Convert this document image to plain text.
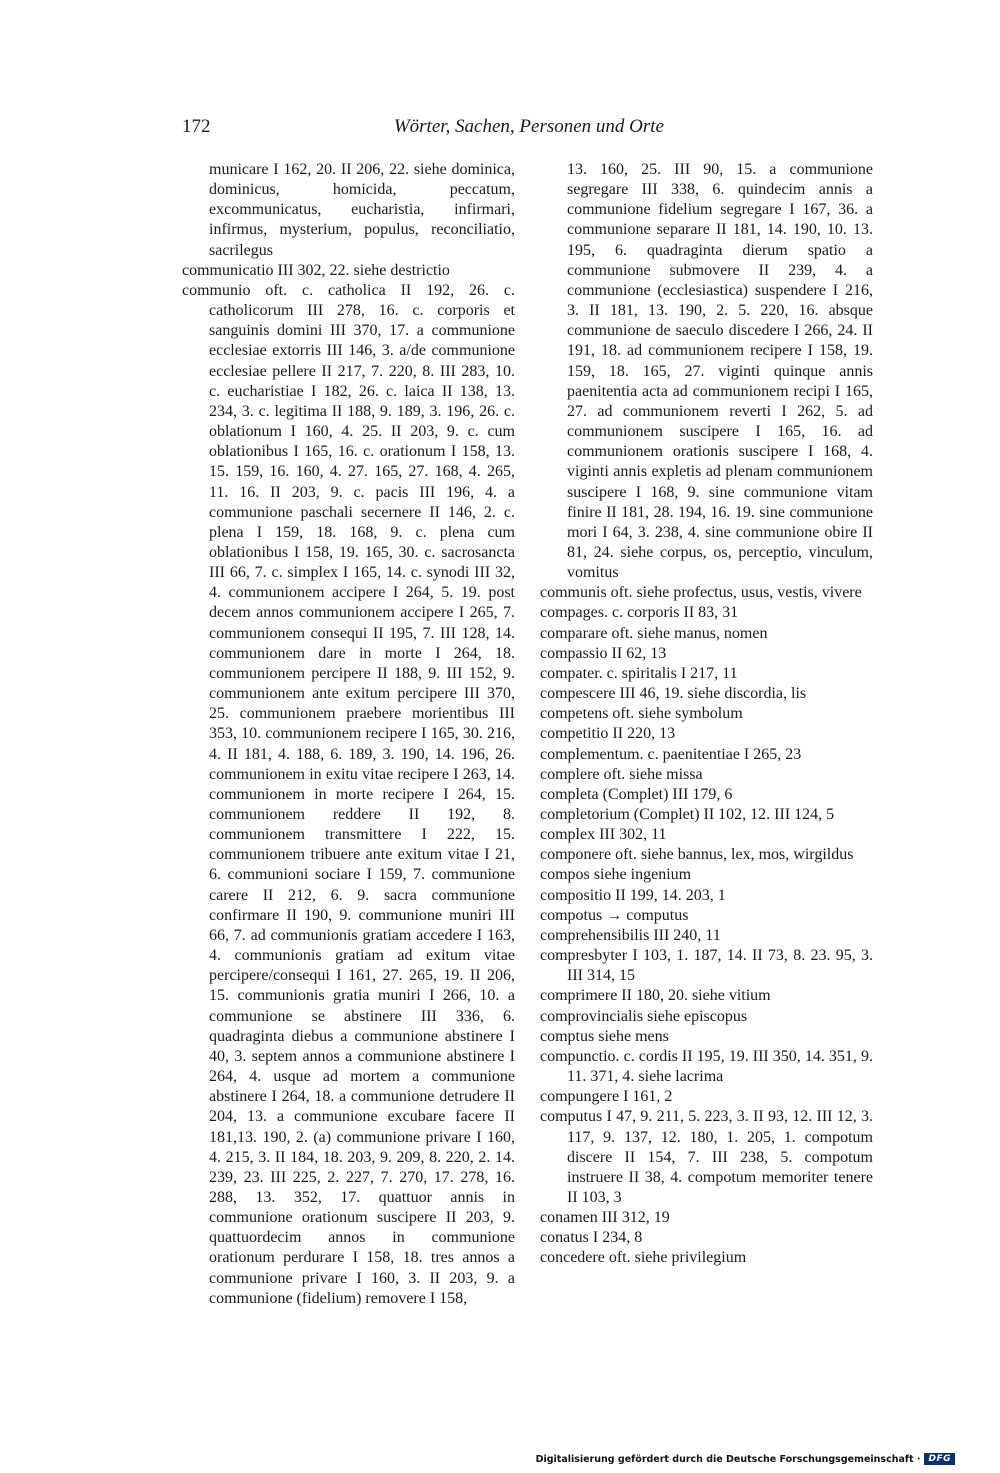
172	Wörter, Sachen, Personen und Orte

municare I 162, 20. II 206, 22. siehe dominica, dominicus, homicida, peccatum, excommunicatus, eucharistia, infirmari, infirmus, mysterium, populus, reconciliatio, sacrilegus

communicatio III 302, 22. siehe destrictio

communio oft. c. catholica II 192, 26. c. catholicorum III 278, 16. c. corporis et sanguinis domini III 370, 17. a communione ecclesiae extorris III 146, 3. a/de communione ecclesiae pellere II 217, 7. 220, 8. III 283, 10. c. eucharistiae I 182, 26. c. laica II 138, 13. 234, 3. c. legitima II 188, 9. 189, 3. 196, 26. c. oblationum I 160, 4. 25. II 203, 9. c. cum oblationibus I 165, 16. c. orationum I 158, 13. 15. 159, 16. 160, 4. 27. 165, 27. 168, 4. 265, 11. 16. II 203, 9. c. pacis III 196, 4. a communione paschali secernere II 146, 2. c. plena I 159, 18. 168, 9. c. plena cum oblationibus I 158, 19. 165, 30. c. sacrosancta III 66, 7. c. simplex I 165, 14. c. synodi III 32, 4. communionem accipere I 264, 5. 19. post decem annos communionem accipere I 265, 7. communionem consequi II 195, 7. III 128, 14. communionem dare in morte I 264, 18. communionem percipere II 188, 9. III 152, 9. communionem ante exitum percipere III 370, 25. communionem praebere morientibus III 353, 10. communionem recipere I 165, 30. 216, 4. II 181, 4. 188, 6. 189, 3. 190, 14. 196, 26. communionem in exitu vitae recipere I 263, 14. communionem in morte recipere I 264, 15. communionem reddere II 192, 8. communionem transmittere I 222, 15. communionem tribuere ante exitum vitae I 21, 6. communioni sociare I 159, 7. communione carere II 212, 6. 9. sacra communione confirmare II 190, 9. communione muniri III 66, 7. ad communionis gratiam accedere I 163, 4. communionis gratiam ad exitum vitae percipere/consequi I 161, 27. 265, 19. II 206, 15. communionis gratia muniri I 266, 10. a communione se abstinere III 336, 6. quadraginta diebus a communione abstinere I 40, 3. septem annos a communione abstinere I 264, 4. usque ad mortem a communione abstinere I 264, 18. a communione detrudere II 204, 13. a communione excubare facere II 181,13. 190, 2. (a) communione privare I 160, 4. 215, 3. II 184, 18. 203, 9. 209, 8. 220, 2. 14. 239, 23. III 225, 2. 227, 7. 270, 17. 278, 16. 288, 13. 352, 17. quattuor annis in communione orationum suscipere II 203, 9. quattuordecim annos in communione orationum perdurare I 158, 18. tres annos a communione privare I 160, 3. II 203, 9. a communione (fidelium) removere I 158,

13. 160, 25. III 90, 15. a communione segregare III 338, 6. quindecim annis a communione fidelium segregare I 167, 36. a communione separare II 181, 14. 190, 10. 13. 195, 6. quadraginta dierum spatio a communione submovere II 239, 4. a communione (ecclesiastica) suspendere I 216, 3. II 181, 13. 190, 2. 5. 220, 16. absque communione de saeculo discedere I 266, 24. II 191, 18. ad communionem recipere I 158, 19. 159, 18. 165, 27. viginti quinque annis paenitentia acta ad communionem recipi I 165, 27. ad communionem reverti I 262, 5. ad communionem suscipere I 165, 16. ad communionem orationis suscipere I 168, 4. viginti annis expletis ad plenam communionem suscipere I 168, 9. sine communione vitam finire II 181, 28. 194, 16. 19. sine communione mori I 64, 3. 238, 4. sine communione obire II 81, 24. siehe corpus, os, perceptio, vinculum, vomitus

communis oft. siehe profectus, usus, vestis, vivere

compages. c. corporis II 83, 31

comparare oft. siehe manus, nomen

compassio II 62, 13

compater. c. spiritalis I 217, 11

compescere III 46, 19. siehe discordia, lis

competens oft. siehe symbolum

competitio II 220, 13

complementum. c. paenitentiae I 265, 23

complere oft. siehe missa

completa (Complet) III 179, 6

completorium (Complet) II 102, 12. III 124, 5

complex III 302, 11

componere oft. siehe bannus, lex, mos, wirgildus

compos siehe ingenium

compositio II 199, 14. 203, 1

compotus → computus

comprehensibilis III 240, 11

compresbyter I 103, 1. 187, 14. II 73, 8. 23. 95, 3. III 314, 15

comprimere II 180, 20. siehe vitium

comprovincialis siehe episcopus

comptus siehe mens

compunctio. c. cordis II 195, 19. III 350, 14. 351, 9. 11. 371, 4. siehe lacrima

compungere I 161, 2

computus I 47, 9. 211, 5. 223, 3. II 93, 12. III 12, 3. 117, 9. 137, 12. 180, 1. 205, 1. compotum discere II 154, 7. III 238, 5. compotum instruere II 38, 4. compotum memoriter tenere II 103, 3

conamen III 312, 19

conatus I 234, 8

concedere oft. siehe privilegium

Digitalisierung gefördert durch die Deutsche Forschungsgemeinschaft · DFG
